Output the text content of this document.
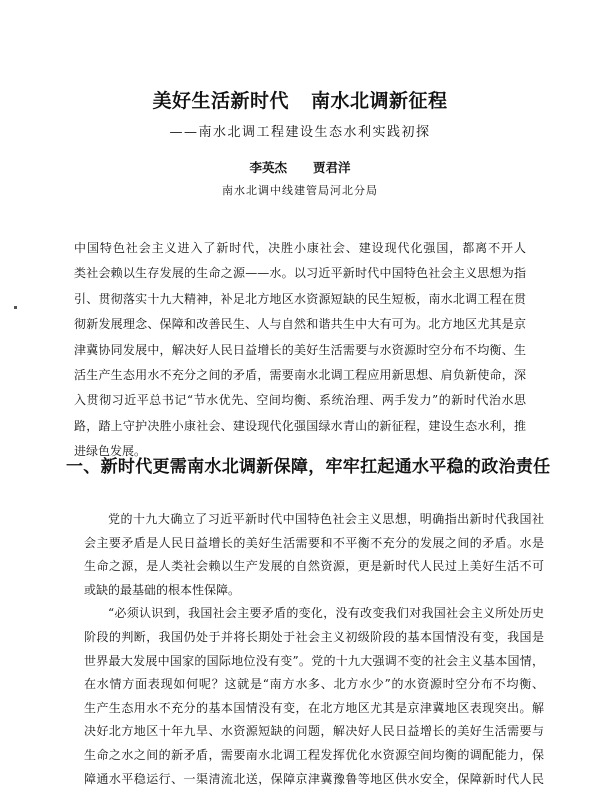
美好生活新时代 南水北调新征程
——南水北调工程建设生态水利实践初探
李英杰 贾君洋
南水北调中线建管局河北分局
中国特色社会主义进入了新时代，决胜小康社会、建设现代化强国，都离不开人
类社会赖以生存发展的生命之源——水。以习近平新时代中国特色社会主义思想为指
引、贯彻落实十九大精神，补足北方地区水资源短缺的民生短板，南水北调工程在贯
彻新发展理念、保障和改善民生、人与自然和谐共生中大有可为。北方地区尤其是京
津冀协同发展中，解决好人民日益增长的美好生活需要与水资源时空分布不均衡、生
活生产生态用水不充分之间的矛盾，需要南水北调工程应用新思想、肩负新使命，深
入贯彻习近平总书记“节水优先、空间均衡、系统治理、两手发力”的新时代治水思
路，踏上守护决胜小康社会、建设现代化强国绿水青山的新征程，建设生态水利，推
进绿色发展。
一、新时代更需南水北调新保障，牢牢扛起通水平稳的政治责任
党的十九大确立了习近平新时代中国特色社会主义思想，明确指出新时代我国社
会主要矛盾是人民日益增长的美好生活需要和不平衡不充分的发展之间的矛盾。水是
生命之源，是人类社会赖以生产发展的自然资源，更是新时代人民过上美好生活不可
或缺的最基础的根本性保障。
“必须认识到，我国社会主要矛盾的变化，没有改变我们对我国社会主义所处历史
阶段的判断，我国仍处于并将长期处于社会主义初级阶段的基本国情没有变，我国是
世界最大发展中国家的国际地位没有变”。党的十九大强调不变的社会主义基本国情，
在水情方面表现如何呢？这就是“南方水多、北方水少”的水资源时空分布不均衡、
生产生态用水不充分的基本国情没有变，在北方地区尤其是京津冀地区表现突出。解
决好北方地区十年九旱、水资源短缺的问题，解决好人民日益增长的美好生活需要与
生命之水之间的新矛盾，需要南水北调工程发挥优化水资源空间均衡的调配能力，保
障通水平稳运行、一渠清流北送，保障京津冀豫鲁等地区供水安全，保障新时代人民
